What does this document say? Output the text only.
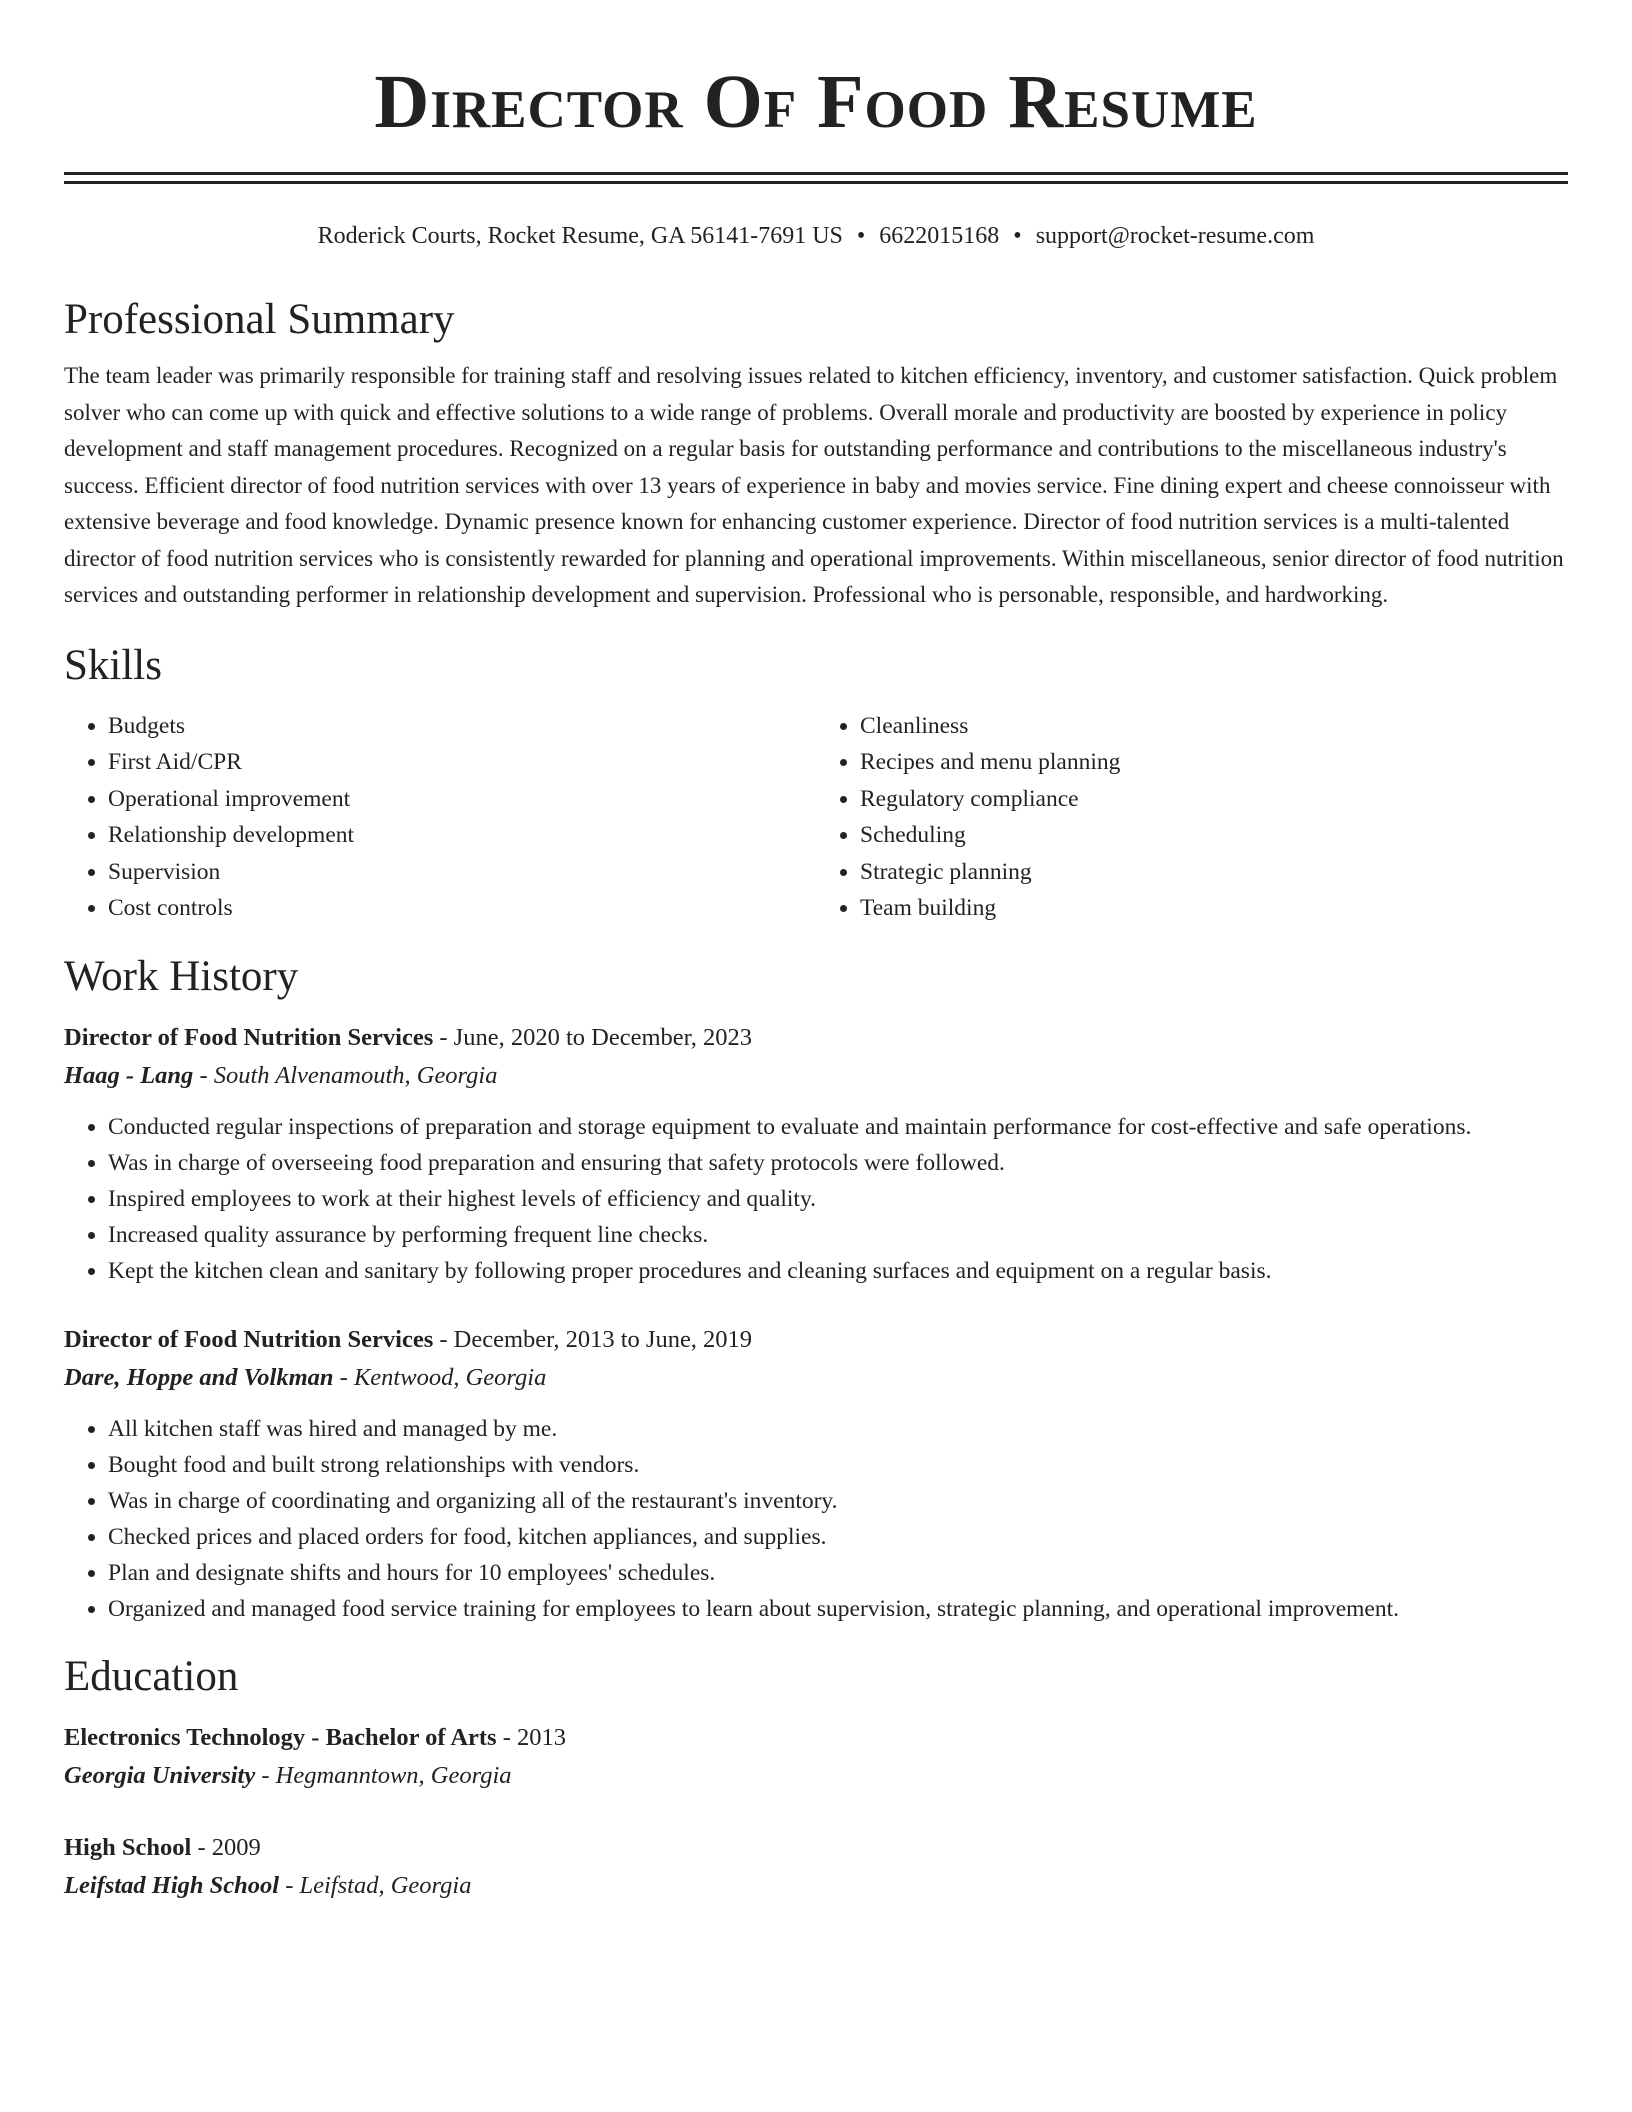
Director Of Food Resume
Roderick Courts, Rocket Resume, GA 56141-7691 US • 6622015168 • support@rocket-resume.com
Professional Summary

The team leader was primarily responsible for training staff and resolving issues related to kitchen efficiency, inventory, and customer satisfaction. Quick problem solver who can come up with quick and effective solutions to a wide range of problems. Overall morale and productivity are boosted by experience in policy development and staff management procedures. Recognized on a regular basis for outstanding performance and contributions to the miscellaneous industry's success. Efficient director of food nutrition services with over 13 years of experience in baby and movies service. Fine dining expert and cheese connoisseur with extensive beverage and food knowledge. Dynamic presence known for enhancing customer experience. Director of food nutrition services is a multi-talented director of food nutrition services who is consistently rewarded for planning and operational improvements. Within miscellaneous, senior director of food nutrition services and outstanding performer in relationship development and supervision. Professional who is personable, responsible, and hardworking.

Skills
• Budgets
• First Aid/CPR
• Operational improvement
• Relationship development
• Supervision
• Cost controls
• Cleanliness
• Recipes and menu planning
• Regulatory compliance
• Scheduling
• Strategic planning
• Team building
Work History
Director of Food Nutrition Services - June, 2020 to December, 2023
Haag - Lang - South Alvenamouth, Georgia
• Conducted regular inspections of preparation and storage equipment to evaluate and maintain performance for cost-effective and safe operations.
• Was in charge of overseeing food preparation and ensuring that safety protocols were followed.
• Inspired employees to work at their highest levels of efficiency and quality.
• Increased quality assurance by performing frequent line checks.
• Kept the kitchen clean and sanitary by following proper procedures and cleaning surfaces and equipment on a regular basis.
Director of Food Nutrition Services - December, 2013 to June, 2019
Dare, Hoppe and Volkman - Kentwood, Georgia
• All kitchen staff was hired and managed by me.
• Bought food and built strong relationships with vendors.
• Was in charge of coordinating and organizing all of the restaurant's inventory.
• Checked prices and placed orders for food, kitchen appliances, and supplies.
• Plan and designate shifts and hours for 10 employees' schedules.
• Organized and managed food service training for employees to learn about supervision, strategic planning, and operational improvement.
Education
Electronics Technology - Bachelor of Arts - 2013
Georgia University - Hegmanntown, Georgia
High School - 2009
Leifstad High School - Leifstad, Georgia
